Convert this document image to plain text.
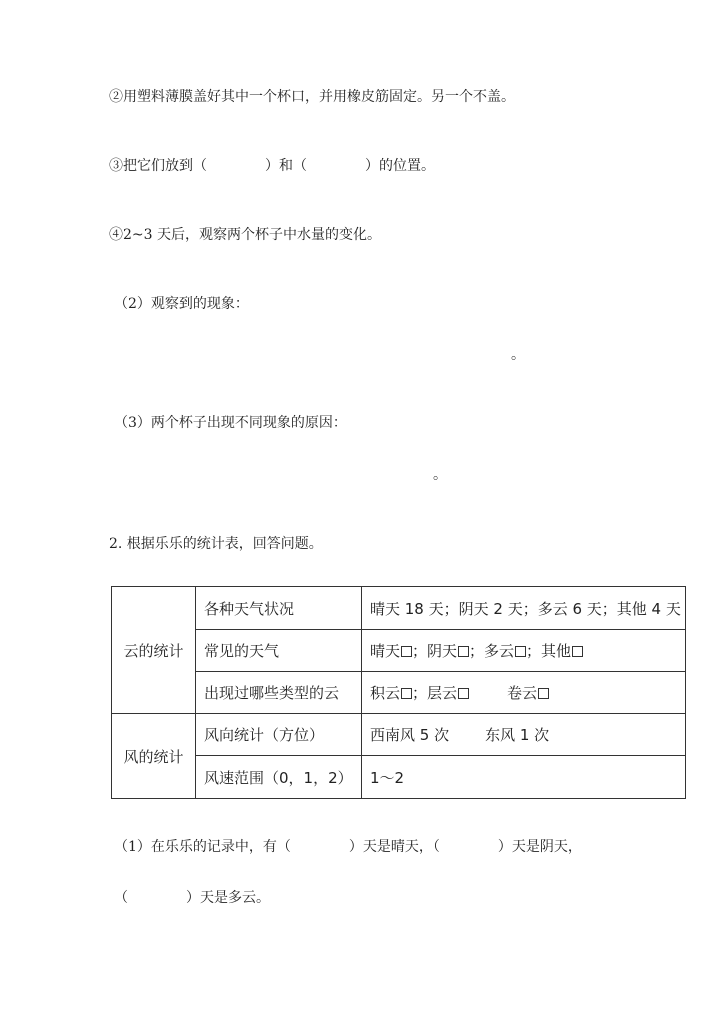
②用塑料薄膜盖好其中一个杯口，并用橡皮筋固定。另一个不盖。
③把它们放到（	）和（	）的位置。
④2~3 天后，观察两个杯子中水量的变化。
（2）观察到的现象：
。
（3）两个杯子出现不同现象的原因：
。
2. 根据乐乐的统计表，回答问题。
云的统计	各种天气状况	晴天 18 天；阴天 2 天；多云 6 天；其他 4 天
	常见的天气	晴天 ；阴天 ；多云 ；其他
	出现过哪些类型的云	积云 ；层云 卷云
风的统计	风向统计（方位）	西南风 5 次 东风 1 次
	风速范围（0，1，2）	1～2
（1）在乐乐的记录中，有（	）天是晴天，（	）天是阴天，
（	）天是多云。
